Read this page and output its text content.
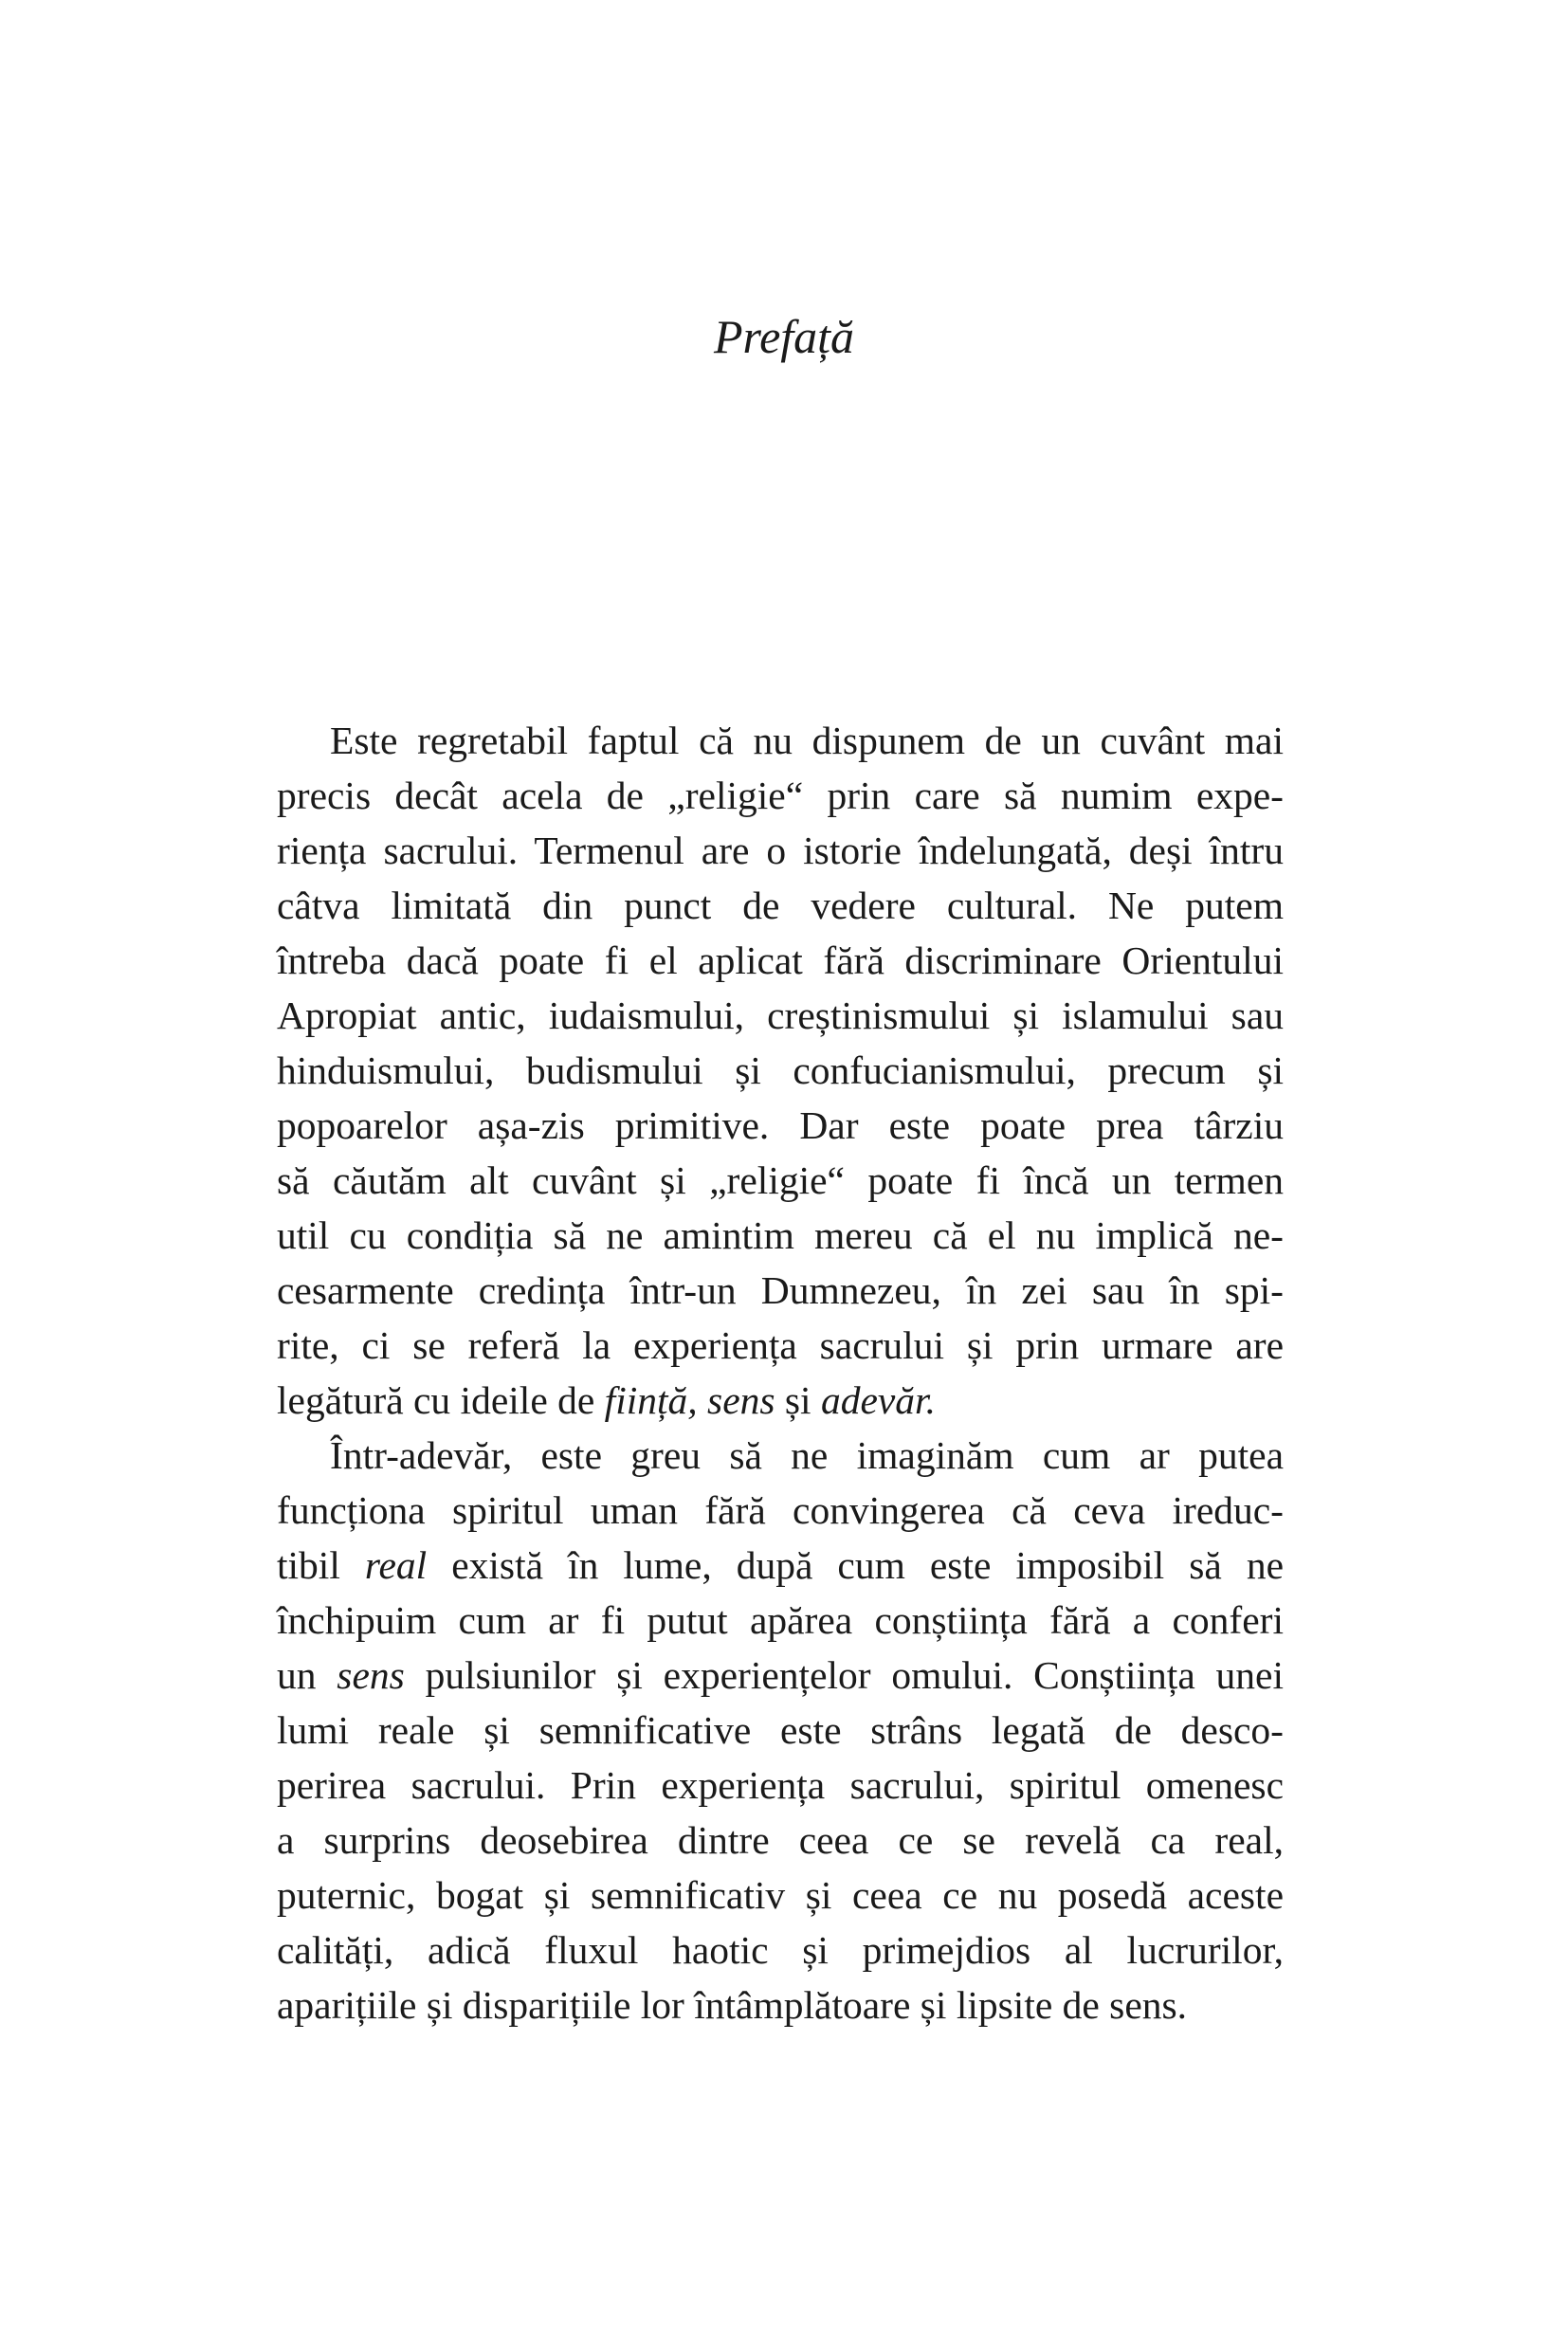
Prefață

Este regretabil faptul că nu dispunem de un cuvânt mai
precis decât acela de „religie“ prin care să numim expe-
riența sacrului. Termenul are o istorie îndelungată, deși întru
câtva limitată din punct de vedere cultural. Ne putem
întreba dacă poate fi el aplicat fără discriminare Orientului
Apropiat antic, iudaismului, creștinismului și islamului sau
hinduismului, budismului și confucianismului, precum și
popoarelor așa-zis primitive. Dar este poate prea târziu
să căutăm alt cuvânt și „religie“ poate fi încă un termen
util cu condiția să ne amintim mereu că el nu implică ne-
cesarmente credința într-un Dumnezeu, în zei sau în spi-
rite, ci se referă la experiența sacrului și prin urmare are
legătură cu ideile de ființă, sens și adevăr.

Într-adevăr, este greu să ne imaginăm cum ar putea
funcționa spiritul uman fără convingerea că ceva ireduc-
tibil real există în lume, după cum este imposibil să ne
închipuim cum ar fi putut apărea conștiința fără a conferi
un sens pulsiunilor și experiențelor omului. Conștiința unei
lumi reale și semnificative este strâns legată de desco-
perirea sacrului. Prin experiența sacrului, spiritul omenesc
a surprins deosebirea dintre ceea ce se revelă ca real,
puternic, bogat și semnificativ și ceea ce nu posedă aceste
calități, adică fluxul haotic și primejdios al lucrurilor,
aparițiile și disparițiile lor întâmplătoare și lipsite de sens.
